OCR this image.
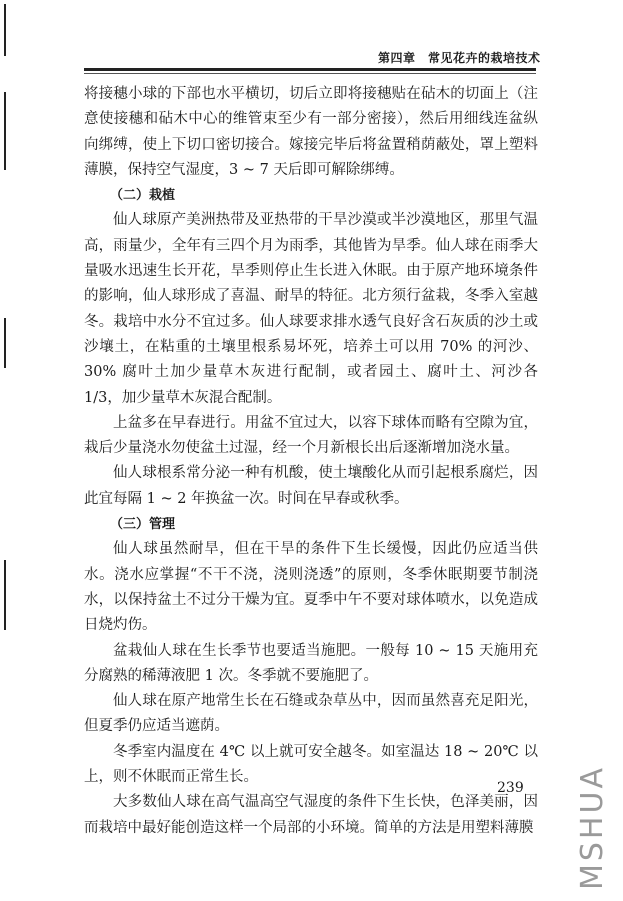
第四章　常见花卉的栽培技术

将接穗小球的下部也水平横切，切后立即将接穗贴在砧木的切面上（注意使接穗和砧木中心的维管束至少有一部分密接），然后用细线连盆纵向绑缚，使上下切口密切接合。嫁接完毕后将盆置稍荫蔽处，罩上塑料薄膜，保持空气湿度，3 ~ 7 天后即可解除绑缚。

（二）栽植

仙人球原产美洲热带及亚热带的干旱沙漠或半沙漠地区，那里气温高，雨量少，全年有三四个月为雨季，其他皆为旱季。仙人球在雨季大量吸水迅速生长开花，旱季则停止生长进入休眠。由于原产地环境条件的影响，仙人球形成了喜温、耐旱的特征。北方须行盆栽，冬季入室越冬。栽培中水分不宜过多。仙人球要求排水透气良好含石灰质的沙土或沙壤土，在粘重的土壤里根系易坏死，培养土可以用 70% 的河沙、30% 腐叶土加少量草木灰进行配制，或者园土、腐叶土、河沙各 1/3，加少量草木灰混合配制。

上盆多在早春进行。用盆不宜过大，以容下球体而略有空隙为宜，栽后少量浇水勿使盆土过湿，经一个月新根长出后逐渐增加浇水量。

仙人球根系常分泌一种有机酸，使土壤酸化从而引起根系腐烂，因此宜每隔 1 ~ 2 年换盆一次。时间在早春或秋季。

（三）管理

仙人球虽然耐旱，但在干旱的条件下生长缓慢，因此仍应适当供水。浇水应掌握“不干不浇，浇则浇透”的原则，冬季休眠期要节制浇水，以保持盆土不过分干燥为宜。夏季中午不要对球体喷水，以免造成日烧灼伤。

盆栽仙人球在生长季节也要适当施肥。一般每 10 ~ 15 天施用充分腐熟的稀薄液肥 1 次。冬季就不要施肥了。

仙人球在原产地常生长在石缝或杂草丛中，因而虽然喜充足阳光，但夏季仍应适当遮荫。

冬季室内温度在 4℃ 以上就可安全越冬。如室温达 18 ~ 20℃ 以上，则不休眠而正常生长。

大多数仙人球在高气温高空气湿度的条件下生长快，色泽美丽，因而栽培中最好能创造这样一个局部的小环境。简单的方法是用塑料薄膜

239 MSHUA
